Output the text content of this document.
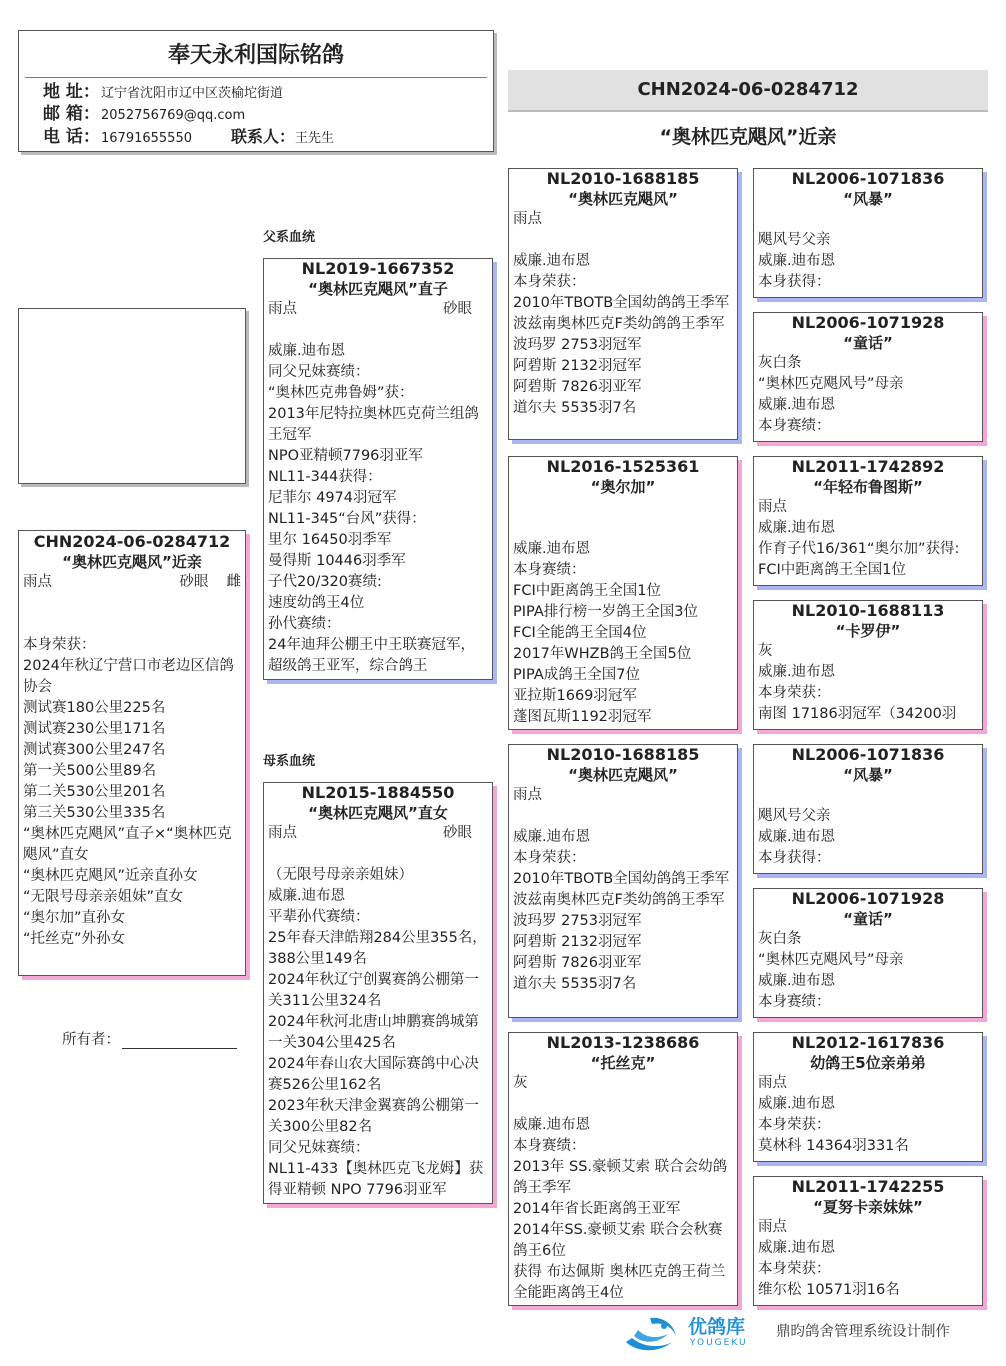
奉天永利国际铭鸽
地 址：辽宁省沈阳市辽中区茨榆坨街道
邮 箱：2052756769@qq.com
电 话：16791655550 联系人：王先生
CHN2024-06-0284712
“奥林匹克飓风”近亲
CHN2024-06-0284712
“奥林匹克飓风”近亲
雨点	砂眼 雌
本身荣获：
2024年秋辽宁营口市老边区信鸽协会
测试赛180公里225名
测试赛230公里171名
测试赛300公里247名
第一关500公里89名
第二关530公里201名
第三关530公里335名
“奥林匹克飓风”直子×“奥林匹克飓风”直女
“奥林匹克飓风”近亲直孙女
“无限号母亲亲姐妹”直女
“奥尔加”直孙女
“托丝克”外孙女
所有者：
父系血统
母系血统
NL2019-1667352
“奥林匹克飓风”直子
雨点	砂眼

威廉.迪布恩
同父兄妹赛绩：
“奥林匹克弗鲁姆”获：
2013年尼特拉奥林匹克荷兰组鸽王冠军
NPO亚精顿7796羽亚军
NL11-344获得：
尼菲尔 4974羽冠军
NL11-345“台风”获得：
里尔 16450羽季军
曼得斯 10446羽季军
子代20/320赛绩:
速度幼鸽王4位
孙代赛绩：
24年迪拜公棚王中王联赛冠军，超级鸽王亚军，综合鸽王
NL2015-1884550
“奥林匹克飓风”直女
雨点	砂眼

（无限号母亲亲姐妹）
威廉.迪布恩
平辈孙代赛绩：
25年春天津皓翔284公里355名，388公里149名
2024年秋辽宁创翼赛鸽公棚第一关311公里324名
2024年秋河北唐山坤鹏赛鸽城第一关304公里425名
2024年春山农大国际赛鸽中心决赛526公里162名
2023年秋天津金翼赛鸽公棚第一关300公里82名
同父兄妹赛绩：
NL11-433【奥林匹克飞龙姆】获得亚精顿 NPO 7796羽亚军
NL2010-1688185
“奥林匹克飓风”
雨点

威廉.迪布恩
本身荣获：
2010年TBOTB全国幼鸽鸽王季军
波兹南奥林匹克F类幼鸽鸽王季军波玛罗 2753羽冠军
阿碧斯 2132羽冠军
阿碧斯 7826羽亚军
道尔夫 5535羽7名
NL2016-1525361
“奥尔加”

威廉.迪布恩
本身赛绩：
FCI中距离鸽王全国1位
PIPA排行榜一岁鸽王全国3位
FCI全能鸽王全国4位
2017年WHZB鸽王全国5位
PIPA成鸽王全国7位
亚拉斯1669羽冠军
蓬图瓦斯1192羽冠军
NL2010-1688185
“奥林匹克飓风”
雨点

威廉.迪布恩
本身荣获：
2010年TBOTB全国幼鸽鸽王季军
波兹南奥林匹克F类幼鸽鸽王季军波玛罗 2753羽冠军
阿碧斯 2132羽冠军
阿碧斯 7826羽亚军
道尔夫 5535羽7名
NL2013-1238686
“托丝克”
灰

威廉.迪布恩
本身赛绩：
2013年 SS.豪顿艾索 联合会幼鸽鸽王季军
2014年省长距离鸽王亚军
2014年SS.豪顿艾索 联合会秋赛鸽王6位
获得 布达佩斯 奥林匹克鸽王荷兰全能距离鸽王4位
NL2006-1071836
“风暴”

飓风号父亲
威廉.迪布恩
本身获得：
NL2006-1071928
“童话”
灰白条
“奥林匹克飓风号”母亲
威廉.迪布恩
本身赛绩：
NL2011-1742892
“年轻布鲁图斯”
雨点
威廉.迪布恩
作育子代16/361“奥尔加”获得:
FCI中距离鸽王全国1位
NL2010-1688113
“卡罗伊”
灰
威廉.迪布恩
本身荣获：
南图 17186羽冠军（34200羽
NL2006-1071836
“风暴”

飓风号父亲
威廉.迪布恩
本身获得：
NL2006-1071928
“童话”
灰白条
“奥林匹克飓风号”母亲
威廉.迪布恩
本身赛绩：
NL2012-1617836
幼鸽王5位亲弟弟
雨点
威廉.迪布恩
本身荣获：
莫林科 14364羽331名
NL2011-1742255
“夏努卡亲妹妹”
雨点
威廉.迪布恩
本身荣获：
维尔松 10571羽16名
优鸽库
YOUGEKU
鼎昀鸽舍管理系统设计制作
